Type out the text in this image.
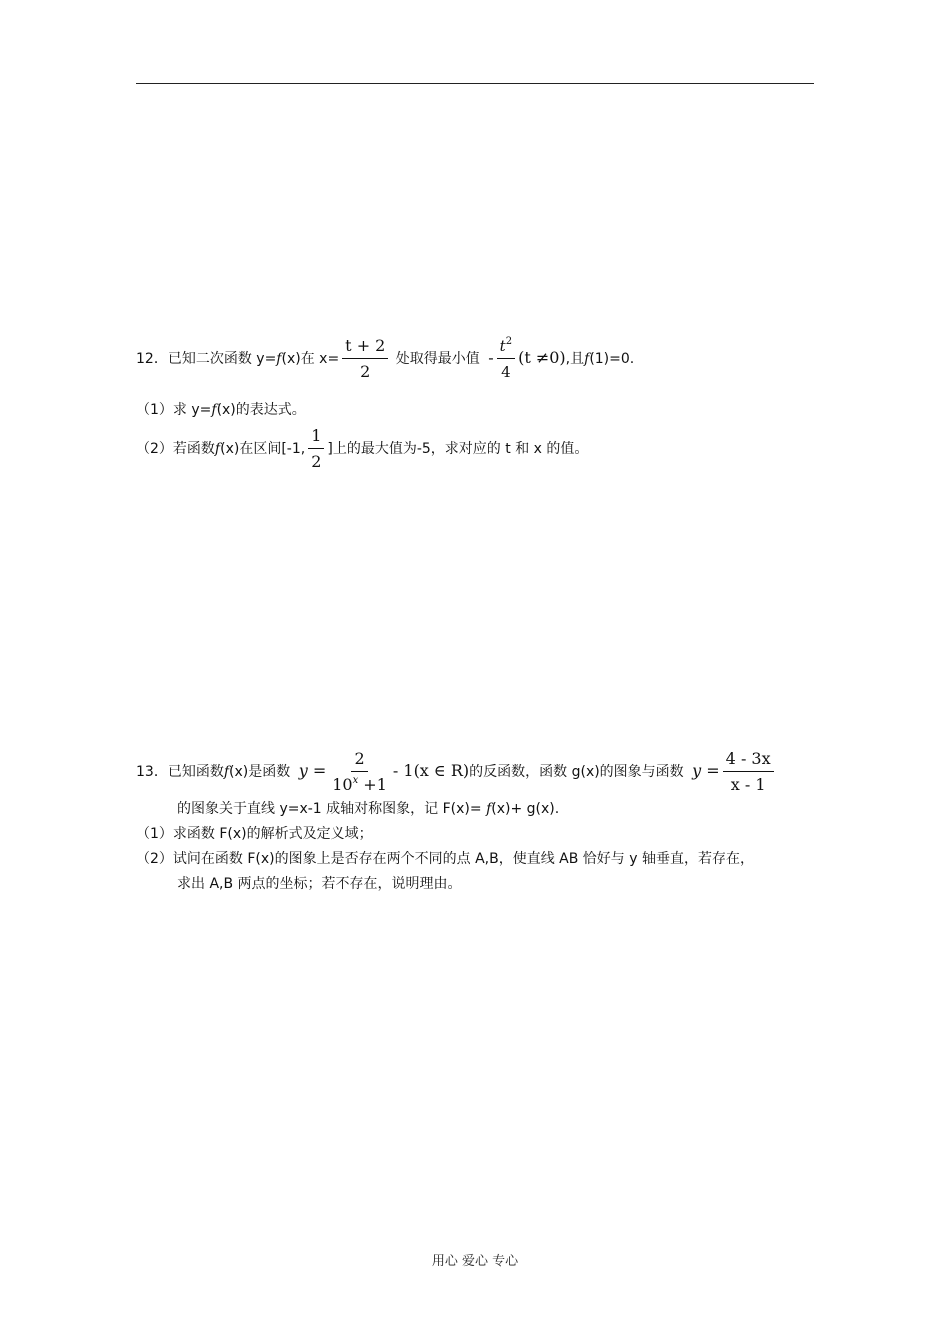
12．已知二次函数 y=f(x)在 $x= \frac{t + 2}{2}$ 处取得最小值 - $\frac{t^2}{4} (t \ne 0)$,且f(1)=0.
（1）求 y=f(x)的表达式。
（2）若函数f(x)在区间[-1, $\frac{1}{2}$ ]上的最大值为-5，求对应的 t 和 x 的值。
13．已知函数f(x)是函数 $y = \frac{2}{10^x +1} - 1(x$ ∈ R)的反函数，函数 g(x)的图象与函数 $y = \frac{4 - 3x}{x - 1}$
的图象关于直线 y=x-1 成轴对称图象，记 F(x)= f(x)+ g(x).
（1）求函数 F(x)的解析式及定义域；
（2）试问在函数 F(x)的图象上是否存在两个不同的点 A,B，使直线 AB 恰好与 y 轴垂直，若存在，
求出 A,B 两点的坐标；若不存在，说明理由。
用心 爱心 专心
